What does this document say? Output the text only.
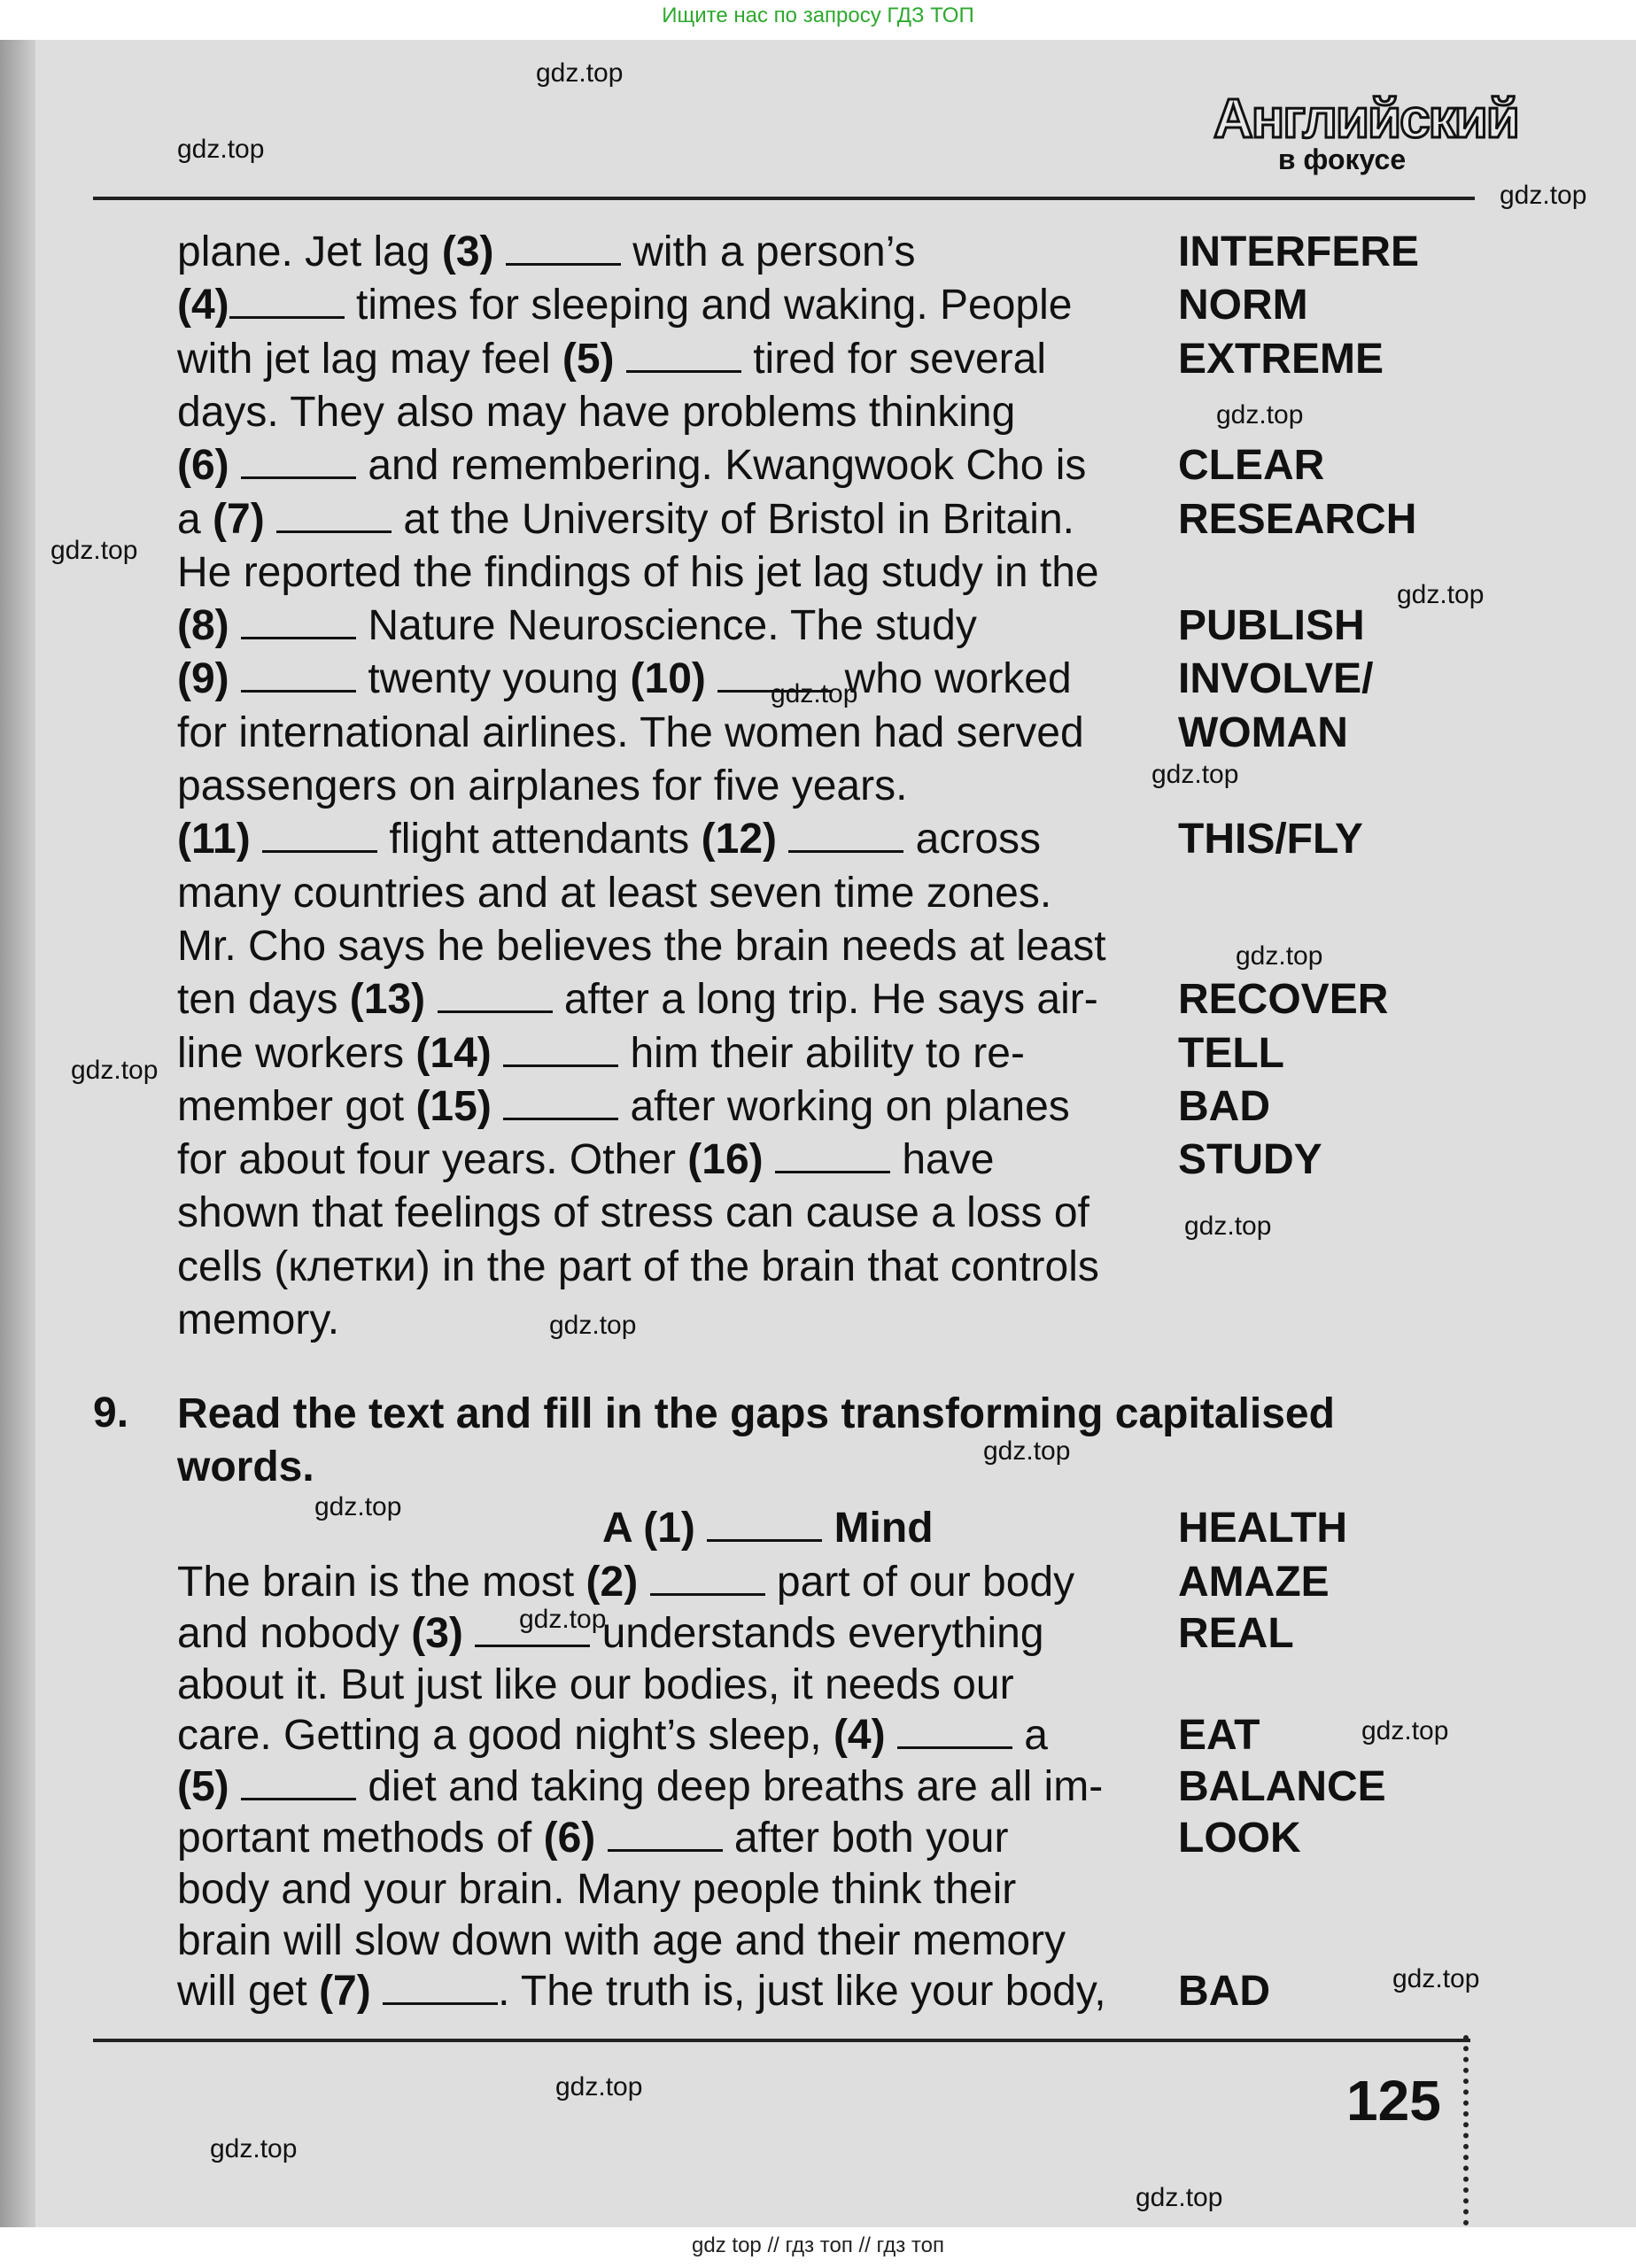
Ищите нас по запросу ГДЗ ТОП
Английский
в фокусе
plane. Jet lag (3)	with a person’s	INTERFERE
(4)	times for sleeping and waking. People	NORM
with jet lag may feel (5)	tired for several	EXTREME
days. They also may have problems thinking
(6)	and remembering. Kwangwook Cho is	CLEAR
a (7)	at the University of Bristol in Britain.	RESEARCH
He reported the findings of his jet lag study in the
(8)	Nature Neuroscience. The study	PUBLISH
(9)	twenty young (10)	who worked	INVOLVE/
for international airlines. The women had served	WOMAN
passengers on airplanes for five years.
(11)	flight attendants (12)	across	THIS/FLY
many countries and at least seven time zones.
Mr. Cho says he believes the brain needs at least
ten days (13)	after a long trip. He says air-	RECOVER
line workers (14)	him their ability to re-	TELL
member got (15)	after working on planes	BAD
for about four years. Other (16)	have	STUDY
shown that feelings of stress can cause a loss of
cells (клетки) in the part of the brain that controls
memory.
9. Read the text and fill in the gaps transforming capitalised words.
A (1)	Mind	HEALTH
The brain is the most (2)	part of our body	AMAZE
and nobody (3)	understands everything	REAL
about it. But just like our bodies, it needs our
care. Getting a good night’s sleep, (4)	a	EAT
(5)	diet and taking deep breaths are all im-	BALANCE
portant methods of (6)	after both your	LOOK
body and your brain. Many people think their
brain will slow down with age and their memory
will get (7)	. The truth is, just like your body,	BAD
125
gdz.top
gdz.top
gdz.top
gdz.top
gdz.top
gdz.top
gdz.top
gdz.top
gdz.top
gdz.top
gdz.top
gdz.top
gdz.top
gdz.top
gdz.top
gdz.top
gdz.top
gdz.top
gdz.top
gdz.top
gdz top // гдз топ // гдз топ
